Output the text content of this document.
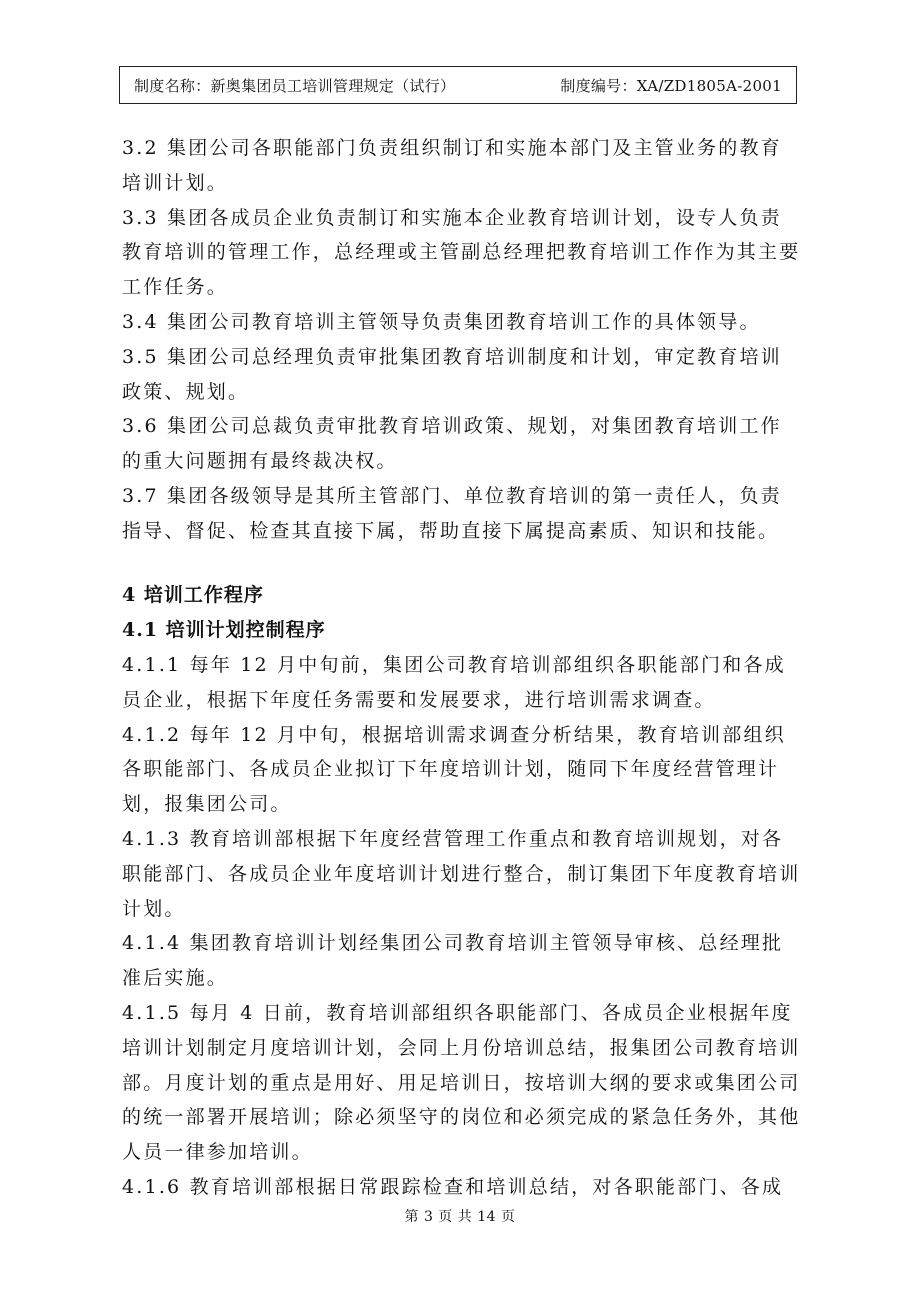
制度名称：新奥集团员工培训管理规定（试行）	制度编号：XA/ZD1805A-2001

3.2 集团公司各职能部门负责组织制订和实施本部门及主管业务的教育培训计划。

3.3 集团各成员企业负责制订和实施本企业教育培训计划，设专人负责教育培训的管理工作，总经理或主管副总经理把教育培训工作作为其主要工作任务。

3.4 集团公司教育培训主管领导负责集团教育培训工作的具体领导。

3.5 集团公司总经理负责审批集团教育培训制度和计划，审定教育培训政策、规划。

3.6 集团公司总裁负责审批教育培训政策、规划，对集团教育培训工作的重大问题拥有最终裁决权。

3.7 集团各级领导是其所主管部门、单位教育培训的第一责任人，负责指导、督促、检查其直接下属，帮助直接下属提高素质、知识和技能。

4 培训工作程序
4.1 培训计划控制程序

4.1.1 每年 12 月中旬前，集团公司教育培训部组织各职能部门和各成员企业，根据下年度任务需要和发展要求，进行培训需求调查。

4.1.2 每年 12 月中旬，根据培训需求调查分析结果，教育培训部组织各职能部门、各成员企业拟订下年度培训计划，随同下年度经营管理计划，报集团公司。

4.1.3 教育培训部根据下年度经营管理工作重点和教育培训规划，对各职能部门、各成员企业年度培训计划进行整合，制订集团下年度教育培训计划。

4.1.4 集团教育培训计划经集团公司教育培训主管领导审核、总经理批准后实施。

4.1.5 每月 4 日前，教育培训部组织各职能部门、各成员企业根据年度培训计划制定月度培训计划，会同上月份培训总结，报集团公司教育培训部。月度计划的重点是用好、用足培训日，按培训大纲的要求或集团公司的统一部署开展培训；除必须坚守的岗位和必须完成的紧急任务外，其他人员一律参加培训。

4.1.6 教育培训部根据日常跟踪检查和培训总结，对各职能部门、各成

第 3 页 共 14 页
